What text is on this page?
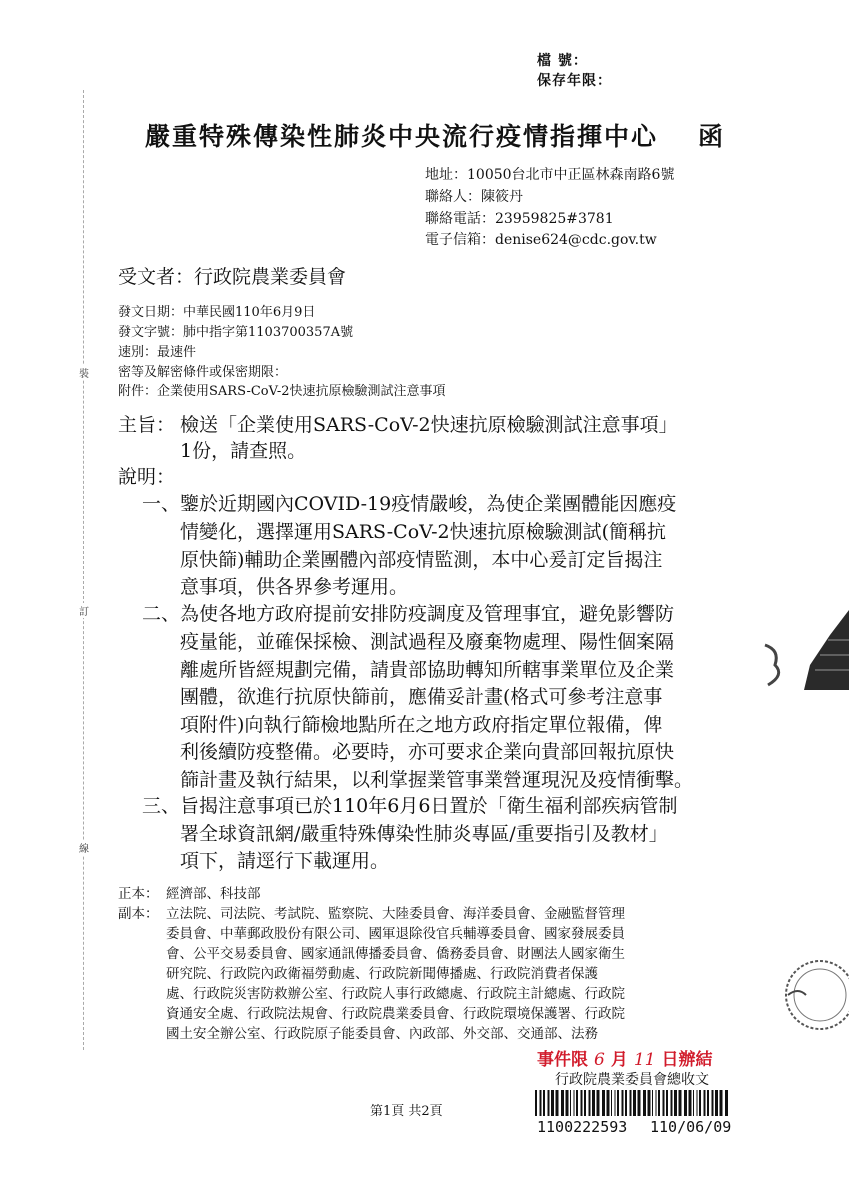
裝
訂
線
檔 號：
保存年限：
嚴重特殊傳染性肺炎中央流行疫情指揮中心 函
地址：10050台北市中正區林森南路6號
聯絡人：陳筱丹
聯絡電話：23959825#3781
電子信箱：denise624@cdc.gov.tw
受文者：行政院農業委員會
發文日期：中華民國110年6月9日
發文字號：肺中指字第1103700357A號
速別：最速件
密等及解密條件或保密期限：
附件：企業使用SARS-CoV-2快速抗原檢驗測試注意事項
主旨： 檢送「企業使用SARS-CoV-2快速抗原檢驗測試注意事項」
1份，請查照。
說明：
一、 鑒於近期國內COVID-19疫情嚴峻，為使企業團體能因應疫
情變化，選擇運用SARS-CoV-2快速抗原檢驗測試(簡稱抗
原快篩)輔助企業團體內部疫情監測，本中心爰訂定旨揭注
意事項，供各界參考運用。
二、 為使各地方政府提前安排防疫調度及管理事宜，避免影響防
疫量能，並確保採檢、測試過程及廢棄物處理、陽性個案隔
離處所皆經規劃完備，請貴部協助轉知所轄事業單位及企業
團體，欲進行抗原快篩前，應備妥計畫(格式可參考注意事
項附件)向執行篩檢地點所在之地方政府指定單位報備，俾
利後續防疫整備。必要時，亦可要求企業向貴部回報抗原快
篩計畫及執行結果，以利掌握業管事業營運現況及疫情衝擊。
三、 旨揭注意事項已於110年6月6日置於「衛生福利部疾病管制
署全球資訊網/嚴重特殊傳染性肺炎專區/重要指引及教材」
項下，請逕行下載運用。
正本： 經濟部、科技部
副本： 立法院、司法院、考試院、監察院、大陸委員會、海洋委員會、金融監督管理
委員會、中華郵政股份有限公司、國軍退除役官兵輔導委員會、國家發展委員
會、公平交易委員會、國家通訊傳播委員會、僑務委員會、財團法人國家衛生
研究院、行政院內政衛福勞動處、行政院新聞傳播處、行政院消費者保護
處、行政院災害防救辦公室、行政院人事行政總處、行政院主計總處、行政院
資通安全處、行政院法規會、行政院農業委員會、行政院環境保護署、行政院
國土安全辦公室、行政院原子能委員會、內政部、外交部、交通部、法務
事件限 6 月 11 日辦結
行政院農業委員會總收文
1100222593 110/06/09
第1頁 共2頁
